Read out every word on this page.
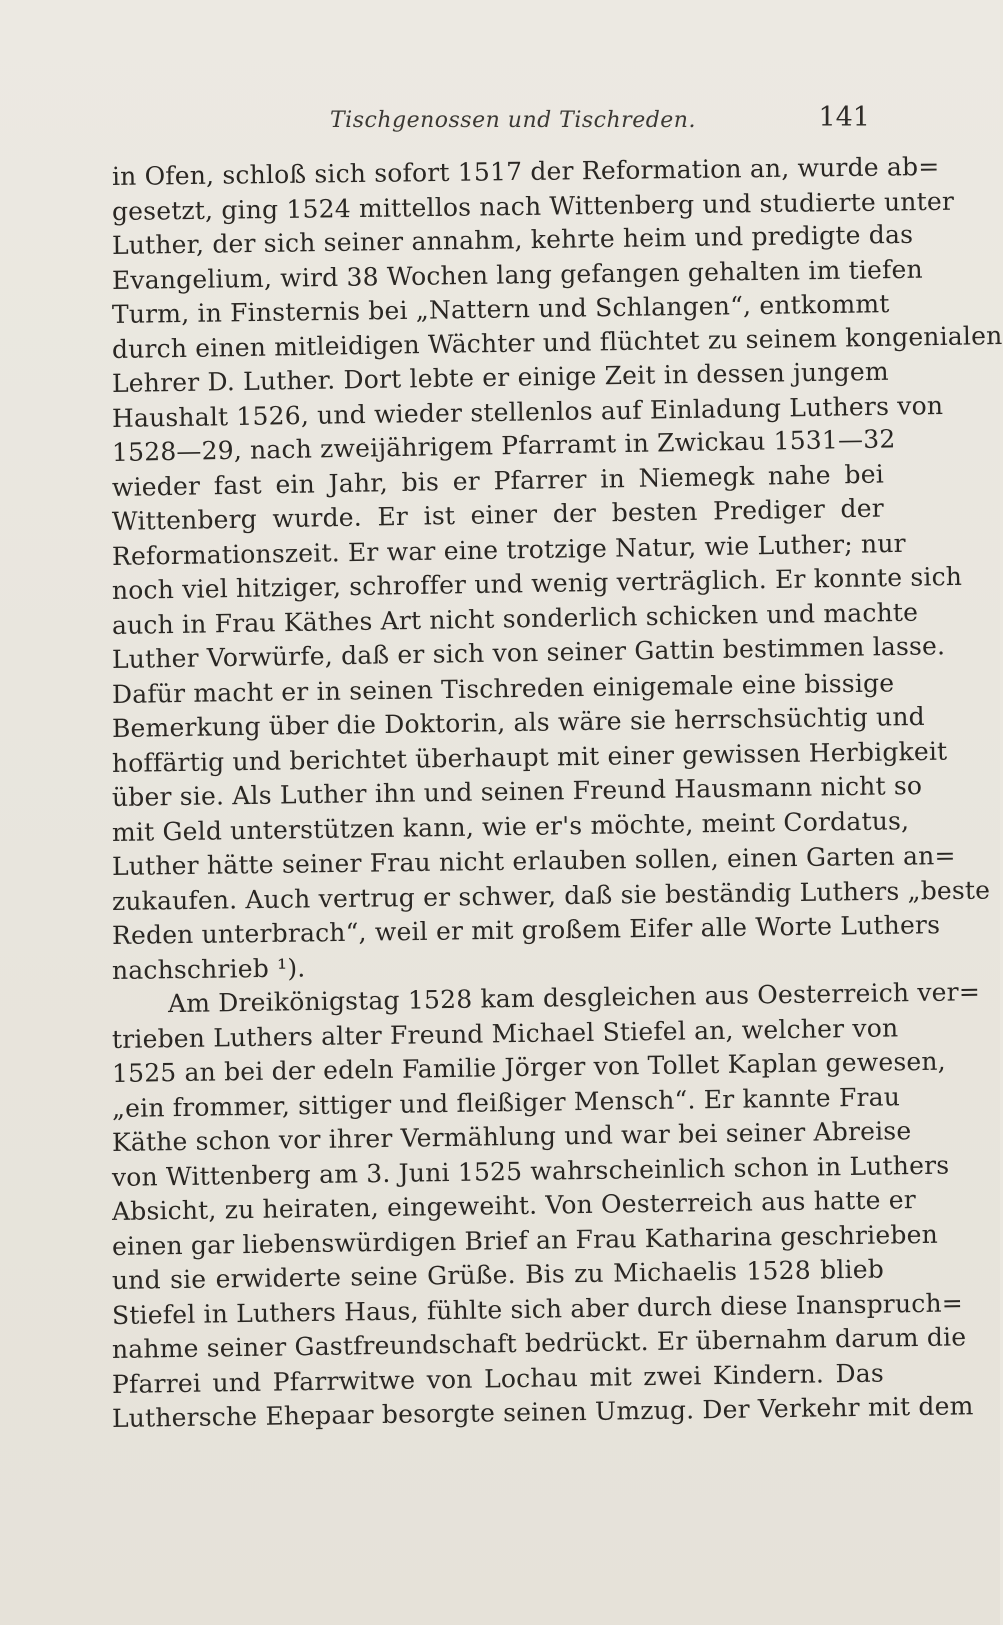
Tischgenossen und Tischreden.	141
in Ofen, schloß sich sofort 1517 der Reformation an, wurde ab=
gesetzt, ging 1524 mittellos nach Wittenberg und studierte unter
Luther, der sich seiner annahm, kehrte heim und predigte das
Evangelium, wird 38 Wochen lang gefangen gehalten im tiefen
Turm, in Finsternis bei „Nattern und Schlangen“, entkommt
durch einen mitleidigen Wächter und flüchtet zu seinem kongenialen
Lehrer D. Luther. Dort lebte er einige Zeit in dessen jungem
Haushalt 1526, und wieder stellenlos auf Einladung Luthers von
1528—29, nach zweijährigem Pfarramt in Zwickau 1531—32
wieder fast ein Jahr, bis er Pfarrer in Niemegk nahe bei
Wittenberg wurde. Er ist einer der besten Prediger der
Reformationszeit. Er war eine trotzige Natur, wie Luther; nur
noch viel hitziger, schroffer und wenig verträglich. Er konnte sich
auch in Frau Käthes Art nicht sonderlich schicken und machte
Luther Vorwürfe, daß er sich von seiner Gattin bestimmen lasse.
Dafür macht er in seinen Tischreden einigemale eine bissige
Bemerkung über die Doktorin, als wäre sie herrschsüchtig und
hoffärtig und berichtet überhaupt mit einer gewissen Herbigkeit
über sie. Als Luther ihn und seinen Freund Hausmann nicht so
mit Geld unterstützen kann, wie er's möchte, meint Cordatus,
Luther hätte seiner Frau nicht erlauben sollen, einen Garten an=
zukaufen. Auch vertrug er schwer, daß sie beständig Luthers „beste
Reden unterbrach“, weil er mit großem Eifer alle Worte Luthers
nachschrieb ¹).
Am Dreikönigstag 1528 kam desgleichen aus Oesterreich ver=
trieben Luthers alter Freund Michael Stiefel an, welcher von
1525 an bei der edeln Familie Jörger von Tollet Kaplan gewesen,
„ein frommer, sittiger und fleißiger Mensch“. Er kannte Frau
Käthe schon vor ihrer Vermählung und war bei seiner Abreise
von Wittenberg am 3. Juni 1525 wahrscheinlich schon in Luthers
Absicht, zu heiraten, eingeweiht. Von Oesterreich aus hatte er
einen gar liebenswürdigen Brief an Frau Katharina geschrieben
und sie erwiderte seine Grüße. Bis zu Michaelis 1528 blieb
Stiefel in Luthers Haus, fühlte sich aber durch diese Inanspruch=
nahme seiner Gastfreundschaft bedrückt. Er übernahm darum die
Pfarrei und Pfarrwitwe von Lochau mit zwei Kindern. Das
Luthersche Ehepaar besorgte seinen Umzug. Der Verkehr mit dem
